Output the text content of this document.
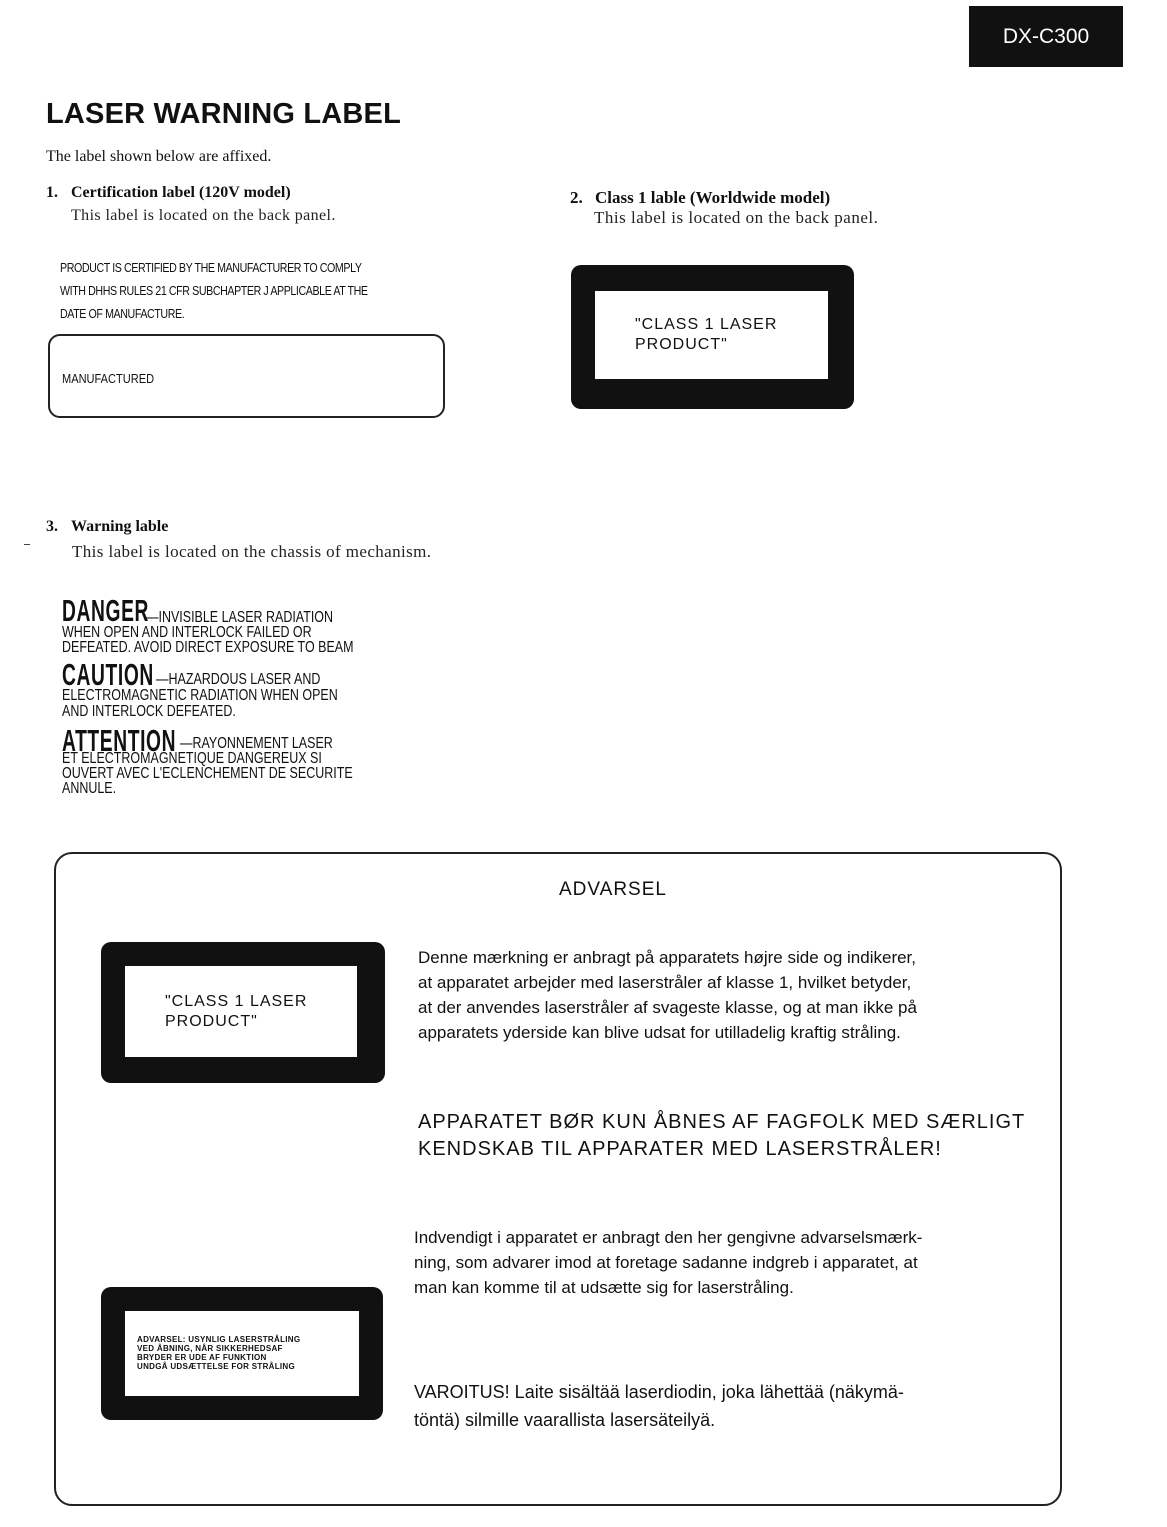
DX-C300
LASER WARNING LABEL
The label shown below are affixed.
1. Certification label (120V model)
This label is located on the back panel.
PRODUCT IS CERTIFIED BY THE MANUFACTURER TO COMPLY
WITH DHHS RULES 21 CFR SUBCHAPTER J APPLICABLE AT THE
DATE OF MANUFACTURE.
MANUFACTURED
2. Class 1 lable (Worldwide model)
This label is located on the back panel.
"CLASS 1 LASER
PRODUCT"
3. Warning lable
This label is located on the chassis of mechanism.
DANGER
—INVISIBLE LASER RADIATION
WHEN OPEN AND INTERLOCK FAILED OR
DEFEATED. AVOID DIRECT EXPOSURE TO BEAM
CAUTION —HAZARDOUS LASER AND
ELECTROMAGNETIC RADIATION WHEN OPEN
AND INTERLOCK DEFEATED.
ATTENTION —RAYONNEMENT LASER
ET ELECTROMAGNETIQUE DANGEREUX SI
OUVERT AVEC L'ECLENCHEMENT DE SECURITE
ANNULE.
ADVARSEL
"CLASS 1 LASER
PRODUCT"
Denne mærkning er anbragt på apparatets højre side og indikerer,
at apparatet arbejder med laserstråler af klasse 1, hvilket betyder,
at der anvendes laserstråler af svageste klasse, og at man ikke på
apparatets yderside kan blive udsat for utilladelig kraftig stråling.
APPARATET BØR KUN ÅBNES AF FAGFOLK MED SÆRLIGT
KENDSKAB TIL APPARATER MED LASERSTRÅLER!
Indvendigt i apparatet er anbragt den her gengivne advarselsmærk-
ning, som advarer imod at foretage sadanne indgreb i apparatet, at
man kan komme til at udsætte sig for laserstråling.
ADVARSEL: USYNLIG LASERSTRÅLING
VED ÅBNING, NÅR SIKKERHEDSAF
BRYDER ER UDE AF FUNKTION
UNDGÅ UDSÆTTELSE FOR STRÅLING
VAROITUS! Laite sisältää laserdiodin, joka lähettää (näkymä-
töntä) silmille vaarallista lasersäteilyä.
